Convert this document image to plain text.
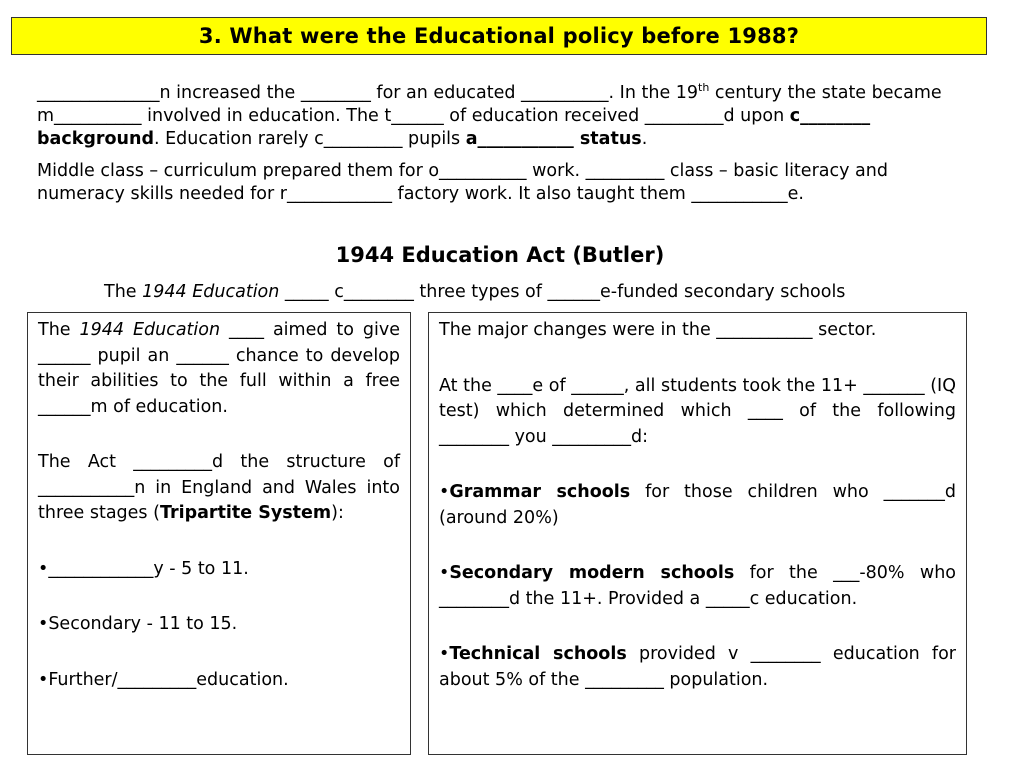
3. What were the Educational policy before 1988?

______________n increased the ________ for an educated __________. In the 19th century the state became m__________ involved in education. The t______ of education received _________d upon c________ background. Education rarely c_________ pupils a___________ status.

Middle class – curriculum prepared them for o__________ work. _________ class – basic literacy and numeracy skills needed for r____________ factory work. It also taught them ___________e.

1944 Education Act (Butler)
The 1944 Education _____ c________ three types of ______e-funded secondary schools

The 1944 Education ____ aimed to give ______ pupil an ______ chance to develop their abilities to the full within a free ______m of education.

The Act _________d the structure of ___________n in England and Wales into three stages (Tripartite System):

•____________y - 5 to 11.

•Secondary - 11 to 15.

•Further/_________education.

The major changes were in the ___________ sector.

At the ____e of ______, all students took the 11+ _______ (IQ test) which determined which ____ of the following ________ you _________d:

•Grammar schools for those children who _______d (around 20%)

•Secondary modern schools for the ___-80% who ________d the 11+. Provided a _____c education.

•Technical schools provided v ________ education for about 5% of the _________ population.
